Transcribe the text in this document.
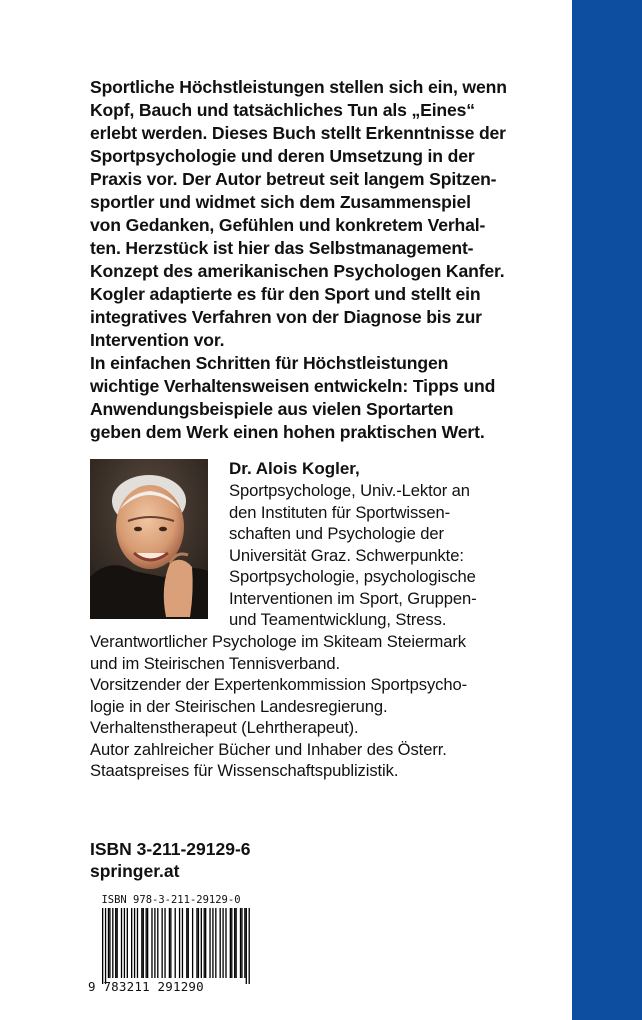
Sportliche Höchstleistungen stellen sich ein, wenn
Kopf, Bauch und tatsächliches Tun als „Eines“
erlebt werden. Dieses Buch stellt Erkenntnisse der
Sportpsychologie und deren Umsetzung in der
Praxis vor. Der Autor betreut seit langem Spitzen-
sportler und widmet sich dem Zusammenspiel
von Gedanken, Gefühlen und konkretem Verhal-
ten. Herzstück ist hier das Selbstmanagement-
Konzept des amerikanischen Psychologen Kanfer.
Kogler adaptierte es für den Sport und stellt ein
integratives Verfahren von der Diagnose bis zur
Intervention vor.
In einfachen Schritten für Höchstleistungen
wichtige Verhaltensweisen entwickeln: Tipps und
Anwendungsbeispiele aus vielen Sportarten
geben dem Werk einen hohen praktischen Wert.
Dr. Alois Kogler,
Sportpsychologe, Univ.-Lektor an
den Instituten für Sportwissen-
schaften und Psychologie der
Universität Graz. Schwerpunkte:
Sportpsychologie, psychologische
Interventionen im Sport, Gruppen-
und Teamentwicklung, Stress.
Verantwortlicher Psychologe im Skiteam Steiermark
und im Steirischen Tennisverband.
Vorsitzender der Expertenkommission Sportpsycho-
logie in der Steirischen Landesregierung.
Verhaltenstherapeut (Lehrtherapeut).
Autor zahlreicher Bücher und Inhaber des Österr.
Staatspreises für Wissenschaftspublizistik.
ISBN 3-211-29129-6
springer.at
ISBN 978-3-211-29129-0
9 783211 291290
